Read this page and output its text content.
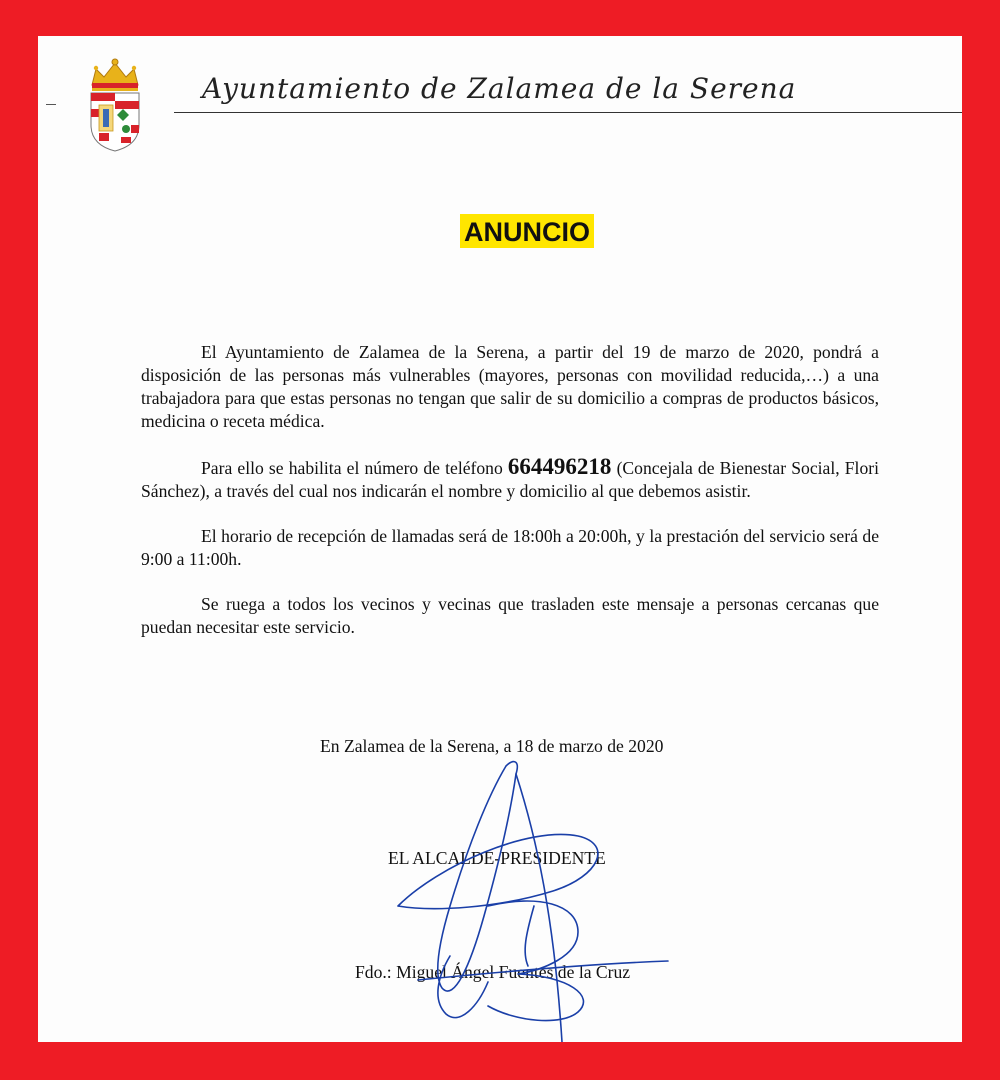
Ayuntamiento de Zalamea de la Serena
ANUNCIO

El Ayuntamiento de Zalamea de la Serena, a partir del 19 de marzo de 2020, pondrá a disposición de las personas más vulnerables (mayores, personas con movilidad reducida,…) a una trabajadora para que estas personas no tengan que salir de su domicilio a compras de productos básicos, medicina o receta médica.

Para ello se habilita el número de teléfono 664496218 (Concejala de Bienestar Social, Flori Sánchez), a través del cual nos indicarán el nombre y domicilio al que debemos asistir.

El horario de recepción de llamadas será de 18:00h a 20:00h, y la prestación del servicio será de 9:00 a 11:00h.

Se ruega a todos los vecinos y vecinas que trasladen este mensaje a personas cercanas que puedan necesitar este servicio.

En Zalamea de la Serena, a 18 de marzo de 2020
EL ALCALDE-PRESIDENTE
Fdo.: Miguel Ángel Fuentes de la Cruz
